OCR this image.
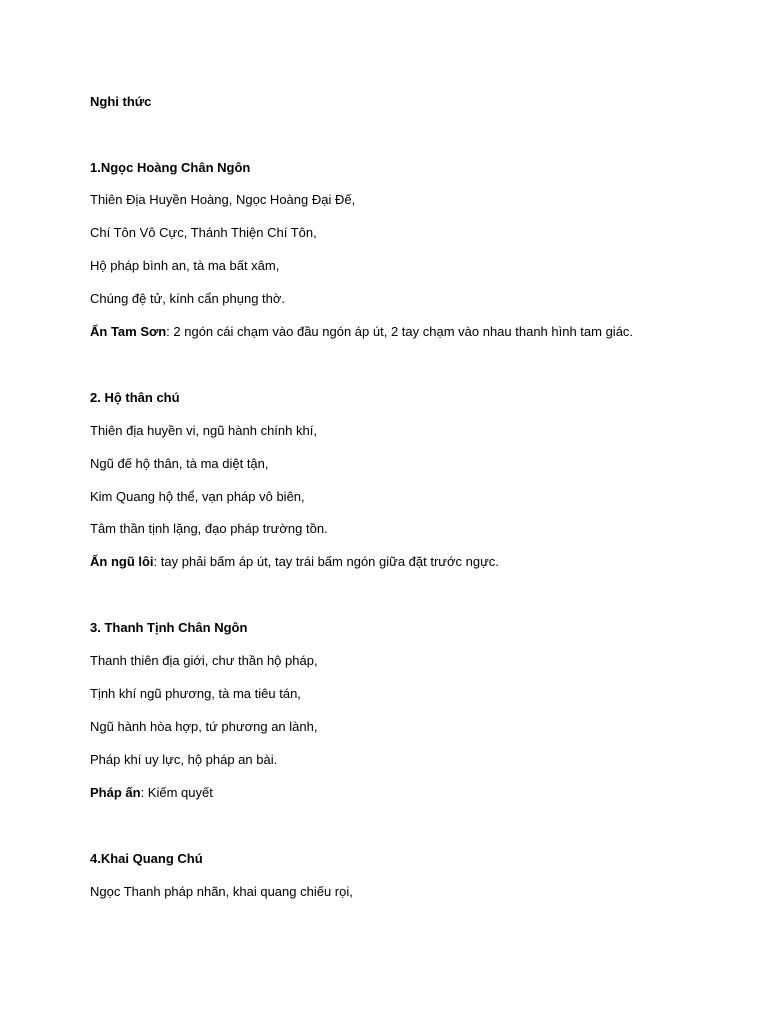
Nghi thức
1.Ngọc Hoàng Chân Ngôn
Thiên Địa Huyền Hoàng, Ngọc Hoàng Đại Đế,
Chí Tôn Vô Cực, Thánh Thiện Chí Tôn,
Hộ pháp bình an, tà ma bất xâm,
Chúng đệ tử, kính cẩn phụng thờ.
Ấn Tam Sơn: 2 ngón cái chạm vào đầu ngón áp út, 2 tay chạm vào nhau thanh hình tam giác.
2. Hộ thân chú
Thiên địa huyền vi, ngũ hành chính khí,
Ngũ đế hộ thân, tà ma diệt tận,
Kim Quang hộ thể, vạn pháp vô biên,
Tâm thần tịnh lặng, đạo pháp trường tồn.
Ấn ngũ lôi: tay phải bấm áp út, tay trái bấm ngón giữa đặt trước ngực.
3. Thanh Tịnh Chân Ngôn
Thanh thiên địa giới, chư thần hộ pháp,
Tịnh khí ngũ phương, tà ma tiêu tán,
Ngũ hành hòa hợp, tứ phương an lành,
Pháp khí uy lực, hộ pháp an bài.
Pháp ấn: Kiếm quyết
4.Khai Quang Chú
Ngọc Thanh pháp nhãn, khai quang chiếu rọi,
